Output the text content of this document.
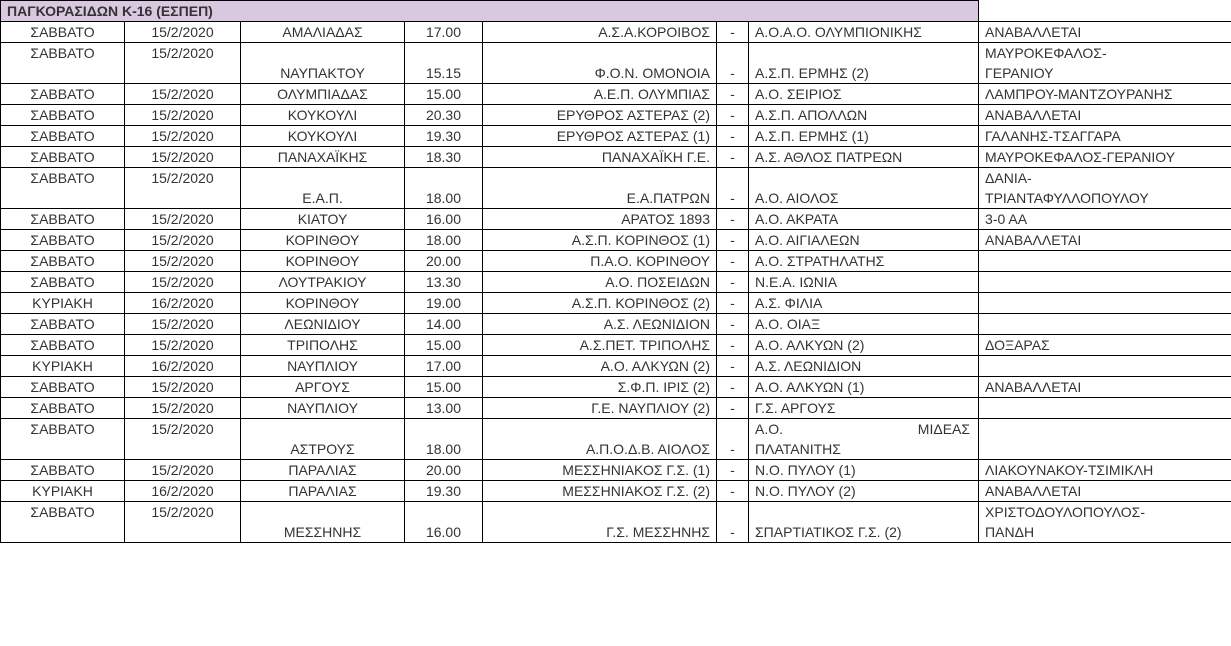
ΠΑΓΚΟΡΑΣΙΔΩΝ Κ-16 (ΕΣΠΕΠ)							
ΣΑΒΒΑΤΟ	15/2/2020	ΑΜΑΛΙΑΔΑΣ	17.00	Α.Σ.Α.ΚΟΡΟΙΒΟΣ	-	Α.Ο.Α.Ο. ΟΛΥΜΠΙΟΝΙΚΗΣ	ΑΝΑΒΑΛΛΕΤΑΙ
ΣΑΒΒΑΤΟ	15/2/2020	ΝΑΥΠΑΚΤΟΥ	15.15	Φ.Ο.Ν. ΟΜΟΝΟΙΑ	-	Α.Σ.Π. ΕΡΜΗΣ (2)	ΜΑΥΡΟΚΕΦΑΛΟΣ-
ΓΕΡΑΝΙΟΥ

ΣΑΒΒΑΤΟ	15/2/2020	ΟΛΥΜΠΙΑΔΑΣ	15.00	Α.Ε.Π. ΟΛΥΜΠΙΑΣ	-	Α.Ο. ΣΕΙΡΙΟΣ	ΛΑΜΠΡΟΥ-ΜΑΝΤΖΟΥΡΑΝΗΣ
ΣΑΒΒΑΤΟ	15/2/2020	ΚΟΥΚΟΥΛΙ	20.30	ΕΡΥΘΡΟΣ ΑΣΤΕΡΑΣ (2)	-	Α.Σ.Π. ΑΠΟΛΛΩΝ	ΑΝΑΒΑΛΛΕΤΑΙ
ΣΑΒΒΑΤΟ	15/2/2020	ΚΟΥΚΟΥΛΙ	19.30	ΕΡΥΘΡΟΣ ΑΣΤΕΡΑΣ (1)	-	Α.Σ.Π. ΕΡΜΗΣ (1)	ΓΑΛΑΝΗΣ-ΤΣΑΓΓΑΡΑ
ΣΑΒΒΑΤΟ	15/2/2020	ΠΑΝΑΧΑΪΚΗΣ	18.30	ΠΑΝΑΧΑΪΚΗ Γ.Ε.	-	Α.Σ. ΑΘΛΟΣ ΠΑΤΡΕΩΝ	ΜΑΥΡΟΚΕΦΑΛΟΣ-ΓΕΡΑΝΙΟΥ
ΣΑΒΒΑΤΟ	15/2/2020	Ε.Α.Π.	18.00	Ε.Α.ΠΑΤΡΩΝ	-	Α.Ο. ΑΙΟΛΟΣ	ΔΑΝΙΑ-
ΤΡΙΑΝΤΑΦΥΛΛΟΠΟΥΛΟΥ

ΣΑΒΒΑΤΟ	15/2/2020	ΚΙΑΤΟΥ	16.00	ΑΡΑΤΟΣ 1893	-	Α.Ο. ΑΚΡΑΤΑ	3-0 ΑΑ
ΣΑΒΒΑΤΟ	15/2/2020	ΚΟΡΙΝΘΟΥ	18.00	Α.Σ.Π. ΚΟΡΙΝΘΟΣ (1)	-	Α.Ο. ΑΙΓΙΑΛΕΩΝ	ΑΝΑΒΑΛΛΕΤΑΙ
ΣΑΒΒΑΤΟ	15/2/2020	ΚΟΡΙΝΘΟΥ	20.00	Π.Α.Ο. ΚΟΡΙΝΘΟΥ	-	Α.Ο. ΣΤΡΑΤΗΛΑΤΗΣ	
ΣΑΒΒΑΤΟ	15/2/2020	ΛΟΥΤΡΑΚΙΟΥ	13.30	Α.Ο. ΠΟΣΕΙΔΩΝ	-	Ν.Ε.Α. ΙΩΝΙΑ	
ΚΥΡΙΑΚΗ	16/2/2020	ΚΟΡΙΝΘΟΥ	19.00	Α.Σ.Π. ΚΟΡΙΝΘΟΣ (2)	-	Α.Σ. ΦΙΛΙΑ	
ΣΑΒΒΑΤΟ	15/2/2020	ΛΕΩΝΙΔΙΟΥ	14.00	Α.Σ. ΛΕΩΝΙΔΙΟΝ	-	Α.Ο. ΟΙΑΞ	
ΣΑΒΒΑΤΟ	15/2/2020	ΤΡΙΠΟΛΗΣ	15.00	Α.Σ.ΠΕΤ. ΤΡΙΠΟΛΗΣ	-	Α.Ο. ΑΛΚΥΩΝ (2)	ΔΟΞΑΡΑΣ
ΚΥΡΙΑΚΗ	16/2/2020	ΝΑΥΠΛΙΟΥ	17.00	Α.Ο. ΑΛΚΥΩΝ (2)	-	Α.Σ. ΛΕΩΝΙΔΙΟΝ	
ΣΑΒΒΑΤΟ	15/2/2020	ΑΡΓΟΥΣ	15.00	Σ.Φ.Π. ΙΡΙΣ (2)	-	Α.Ο. ΑΛΚΥΩΝ (1)	ΑΝΑΒΑΛΛΕΤΑΙ
ΣΑΒΒΑΤΟ	15/2/2020	ΝΑΥΠΛΙΟΥ	13.00	Γ.Ε. ΝΑΥΠΛΙΟΥ (2)	-	Γ.Σ. ΑΡΓΟΥΣ	
ΣΑΒΒΑΤΟ	15/2/2020	ΑΣΤΡΟΥΣ	18.00	Α.Π.Ο.Δ.Β. ΑΙΟΛΟΣ	-	Α.Ο. ΜΙΔΕΑΣ
ΠΛΑΤΑΝΙΤΗΣ	

ΣΑΒΒΑΤΟ	15/2/2020	ΠΑΡΑΛΙΑΣ	20.00	ΜΕΣΣΗΝΙΑΚΟΣ Γ.Σ. (1)	-	Ν.Ο. ΠΥΛΟΥ (1)	ΛΙΑΚΟΥΝΑΚΟΥ-ΤΣΙΜΙΚΛΗ
ΚΥΡΙΑΚΗ	16/2/2020	ΠΑΡΑΛΙΑΣ	19.30	ΜΕΣΣΗΝΙΑΚΟΣ Γ.Σ. (2)	-	Ν.Ο. ΠΥΛΟΥ (2)	ΑΝΑΒΑΛΛΕΤΑΙ
ΣΑΒΒΑΤΟ	15/2/2020	ΜΕΣΣΗΝΗΣ	16.00	Γ.Σ. ΜΕΣΣΗΝΗΣ	-	ΣΠΑΡΤΙΑΤΙΚΟΣ Γ.Σ. (2)	ΧΡΙΣΤΟΔΟΥΛΟΠΟΥΛΟΣ-
ΠΑΝΔΗ
